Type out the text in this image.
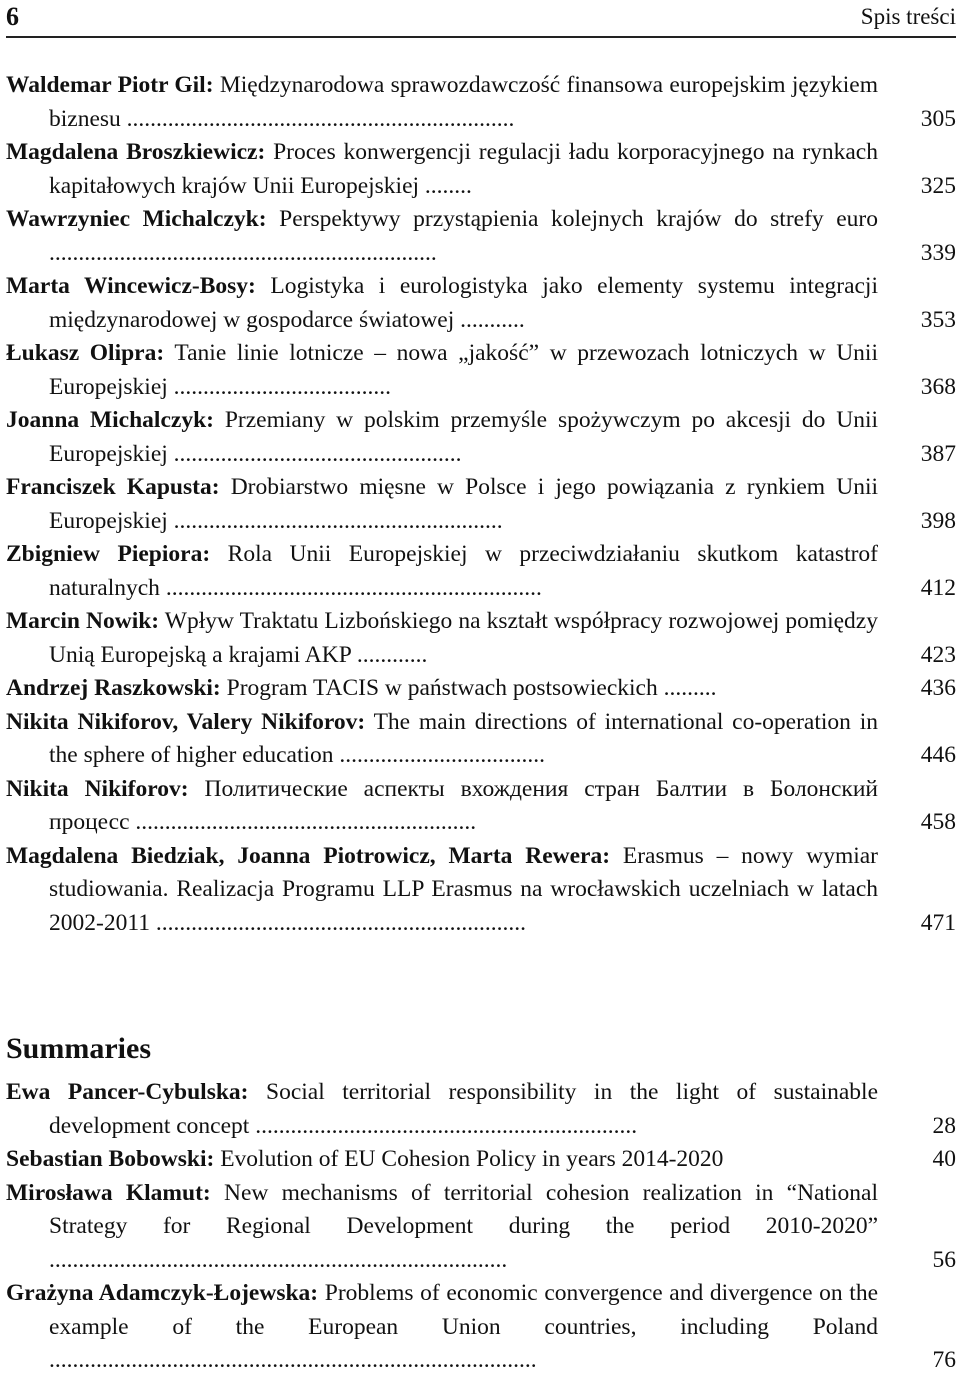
6	Spis treści
Waldemar Piotr Gil: Międzynarodowa sprawozdawczość finansowa europejskim językiem biznesu ..................................................................	305
Magdalena Broszkiewicz: Proces konwergencji regulacji ładu korporacyjnego na rynkach kapitałowych krajów Unii Europejskiej ........	325
Wawrzyniec Michalczyk: Perspektywy przystąpienia kolejnych krajów do strefy euro ..................................................................	339
Marta Wincewicz-Bosy: Logistyka i eurologistyka jako elementy systemu integracji międzynarodowej w gospodarce światowej ...........	353
Łukasz Olipra: Tanie linie lotnicze – nowa „jakość” w przewozach lotniczych w Unii Europejskiej .....................................	368
Joanna Michalczyk: Przemiany w polskim przemyśle spożywczym po akcesji do Unii Europejskiej .................................................	387
Franciszek Kapusta: Drobiarstwo mięsne w Polsce i jego powiązania z rynkiem Unii Europejskiej ........................................................	398
Zbigniew Piepiora: Rola Unii Europejskiej w przeciwdziałaniu skutkom katastrof naturalnych ................................................................	412
Marcin Nowik: Wpływ Traktatu Lizbońskiego na kształt współpracy rozwojowej pomiędzy Unią Europejską a krajami AKP ............	423
Andrzej Raszkowski: Program TACIS w państwach postsowieckich .........	436
Nikita Nikiforov, Valery Nikiforov: The main directions of international co-operation in the sphere of higher education ...................................	446
Nikita Nikiforov: Политические аспекты вхождения стран Балтии в Болонский процесс ..........................................................	458
Magdalena Biedziak, Joanna Piotrowicz, Marta Rewera: Erasmus – nowy wymiar studiowania. Realizacja Programu LLP Erasmus na wrocławskich uczelniach w latach 2002-2011 ...............................................................	471
Summaries
Ewa Pancer-Cybulska: Social territorial responsibility in the light of sustainable development concept .................................................................	28
Sebastian Bobowski: Evolution of EU Cohesion Policy in years 2014-2020	40
Mirosława Klamut: New mechanisms of territorial cohesion realization in “National Strategy for Regional Development during the period 2010-2020” ..............................................................................	56
Grażyna Adamczyk-Łojewska: Problems of economic convergence and divergence on the example of the European Union countries, including Poland ...................................................................................	76
